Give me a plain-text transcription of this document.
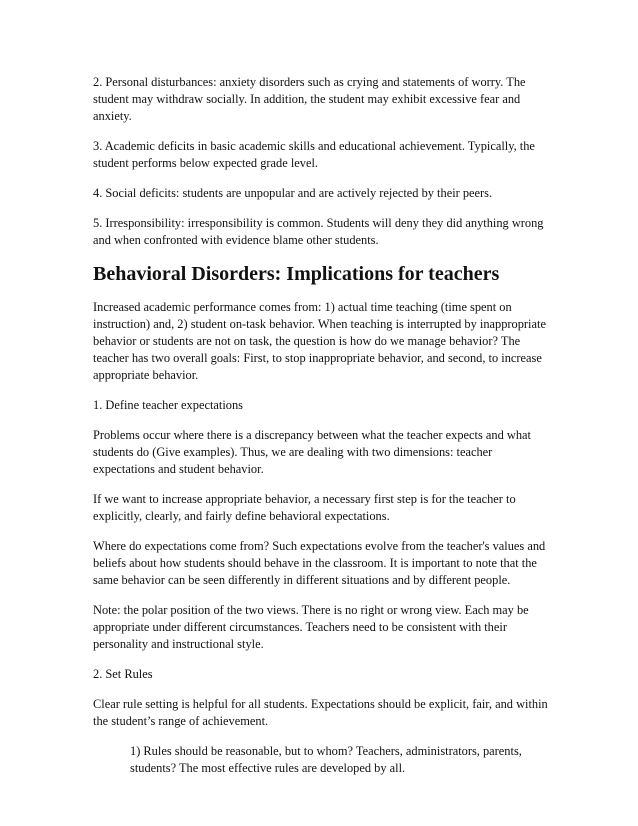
2. Personal disturbances: anxiety disorders such as crying and statements of worry. The student may withdraw socially. In addition, the student may exhibit excessive fear and anxiety.

3. Academic deficits in basic academic skills and educational achievement. Typically, the student performs below expected grade level.

4. Social deficits: students are unpopular and are actively rejected by their peers.

5. Irresponsibility: irresponsibility is common. Students will deny they did anything wrong and when confronted with evidence blame other students.

Behavioral Disorders: Implications for teachers

Increased academic performance comes from: 1) actual time teaching (time spent on instruction) and, 2) student on-task behavior. When teaching is interrupted by inappropriate behavior or students are not on task, the question is how do we manage behavior? The teacher has two overall goals: First, to stop inappropriate behavior, and second, to increase appropriate behavior.

1. Define teacher expectations

Problems occur where there is a discrepancy between what the teacher expects and what students do (Give examples). Thus, we are dealing with two dimensions: teacher expectations and student behavior.

If we want to increase appropriate behavior, a necessary first step is for the teacher to explicitly, clearly, and fairly define behavioral expectations.

Where do expectations come from? Such expectations evolve from the teacher's values and beliefs about how students should behave in the classroom. It is important to note that the same behavior can be seen differently in different situations and by different people.

Note: the polar position of the two views. There is no right or wrong view. Each may be appropriate under different circumstances. Teachers need to be consistent with their personality and instructional style.

2. Set Rules

Clear rule setting is helpful for all students. Expectations should be explicit, fair, and within the student’s range of achievement.

1) Rules should be reasonable, but to whom? Teachers, administrators, parents, students? The most effective rules are developed by all.
